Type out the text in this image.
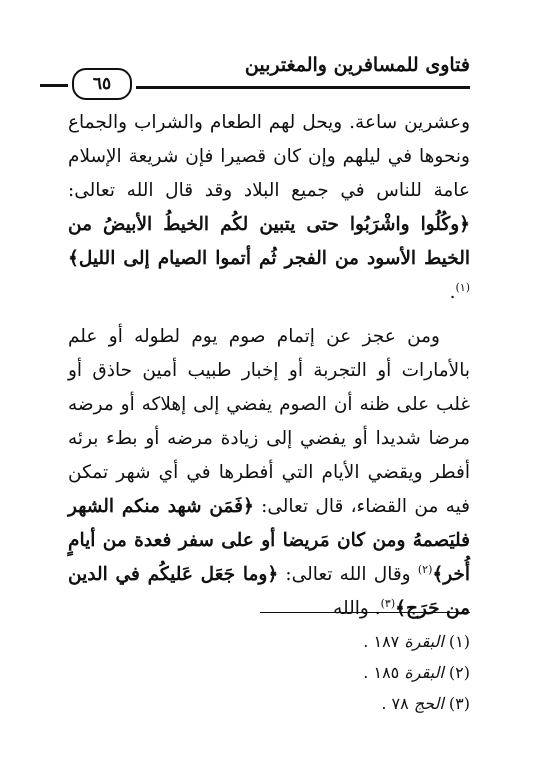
فتاوى للمسافرين والمغتربين
٦٥

وعشرين ساعة. ويحل لهم الطعام والشراب والجماع ونحوها في ليلهم وإن كان قصيرا فإن شريعة الإسلام عامة للناس في جميع البلاد وقد قال الله تعالى: ﴿وكُلُوا واشْرَبُوا حتى يتبين لكُم الخيطُ الأبيضُ من الخيط الأسود من الفجر ثُم أتموا الصيام إلى الليل﴾$^{(١)}$.

ومن عجز عن إتمام صوم يوم لطوله أو علم بالأمارات أو التجربة أو إخبار طبيب أمين حاذق أو غلب على ظنه أن الصوم يفضي إلى إهلاكه أو مرضه مرضا شديدا أو يفضي إلى زيادة مرضه أو بطء برئه أفطر ويقضي الأيام التي أفطرها في أي شهر تمكن فيه من القضاء، قال تعالى: ﴿فَمَن شهد منكم الشهر فليَصمهُ ومن كان مَريضا أو على سفر فعدة من أيامٍ أُخر﴾$^{(٢)}$ وقال الله تعالى: ﴿وما جَعَل عَليكُم في الدين من حَرَج﴾$^{(٣)}$. والله

(١) البقرة ١٨٧ .
(٢) البقرة ١٨٥ .
(٣) الحج ٧٨ .
